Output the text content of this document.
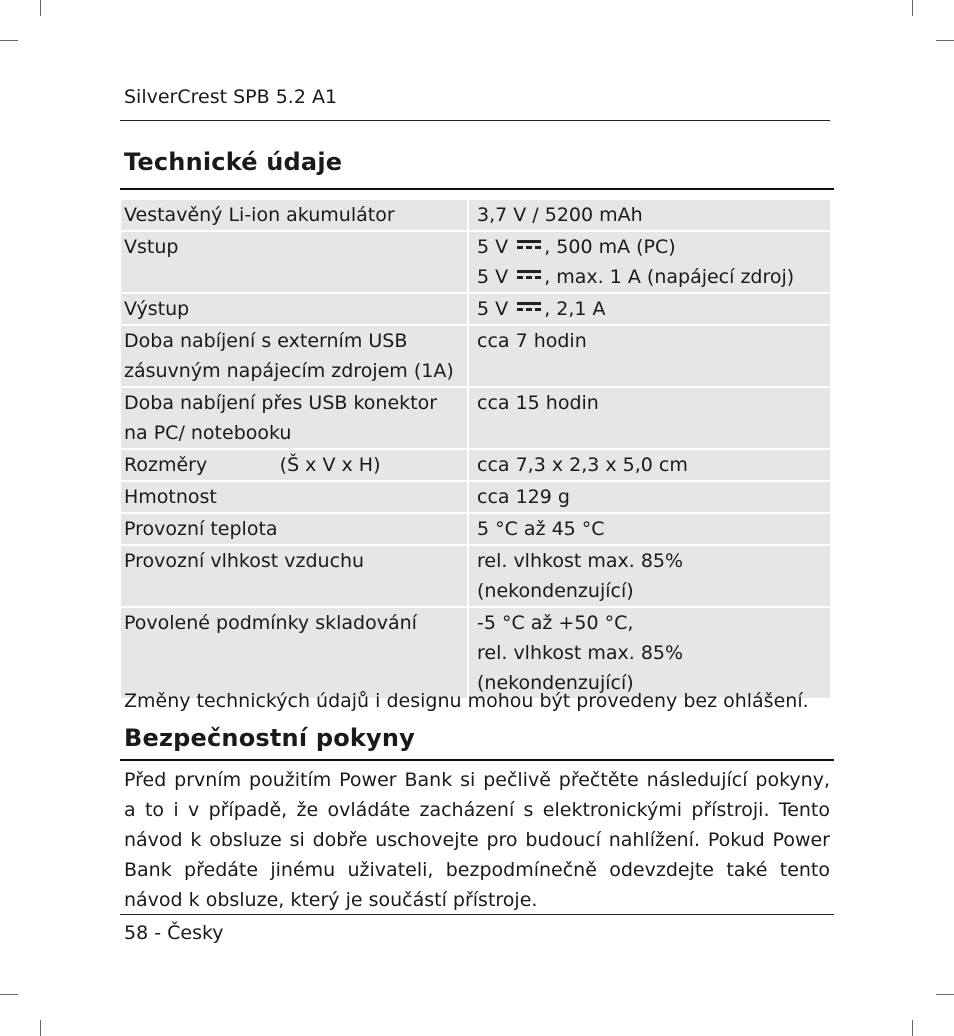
SilverCrest SPB 5.2 A1
Technické údaje
Vestavěný Li-ion akumulátor	3,7 V / 5200 mAh

Vstup	5 V , 500 mA (PC)
5 V , max. 1 A (napájecí zdroj)

Výstup	5 V , 2,1 A

Doba nabíjení s externím USB
zásuvným napájecím zdrojem (1A)	cca 7 hodin

Doba nabíjení přes USB konektor
na PC/ notebooku	cca 15 hodin

Rozměry            (Š x V x H)	cca 7,3 x 2,3 x 5,0 cm

Hmotnost	cca 129 g

Provozní teplota	5 °C až 45 °C

Provozní vlhkost vzduchu	rel. vlhkost max. 85%
(nekondenzující)

Povolené podmínky skladování	-5 °C až +50 °C,
rel. vlhkost max. 85%
(nekondenzující)
Změny technických údajů i designu mohou být provedeny bez ohlášení.
Bezpečnostní pokyny

Před prvním použitím Power Bank si pečlivě přečtěte následující pokyny, a to i v případě, že ovládáte zacházení s elektronickými přístroji. Tento návod k obsluze si dobře uschovejte pro budoucí nahlížení. Pokud Power Bank předáte jinému uživateli, bezpodmínečně odevzdejte také tento návod k obsluze, který je součástí přístroje.

58 - Česky
